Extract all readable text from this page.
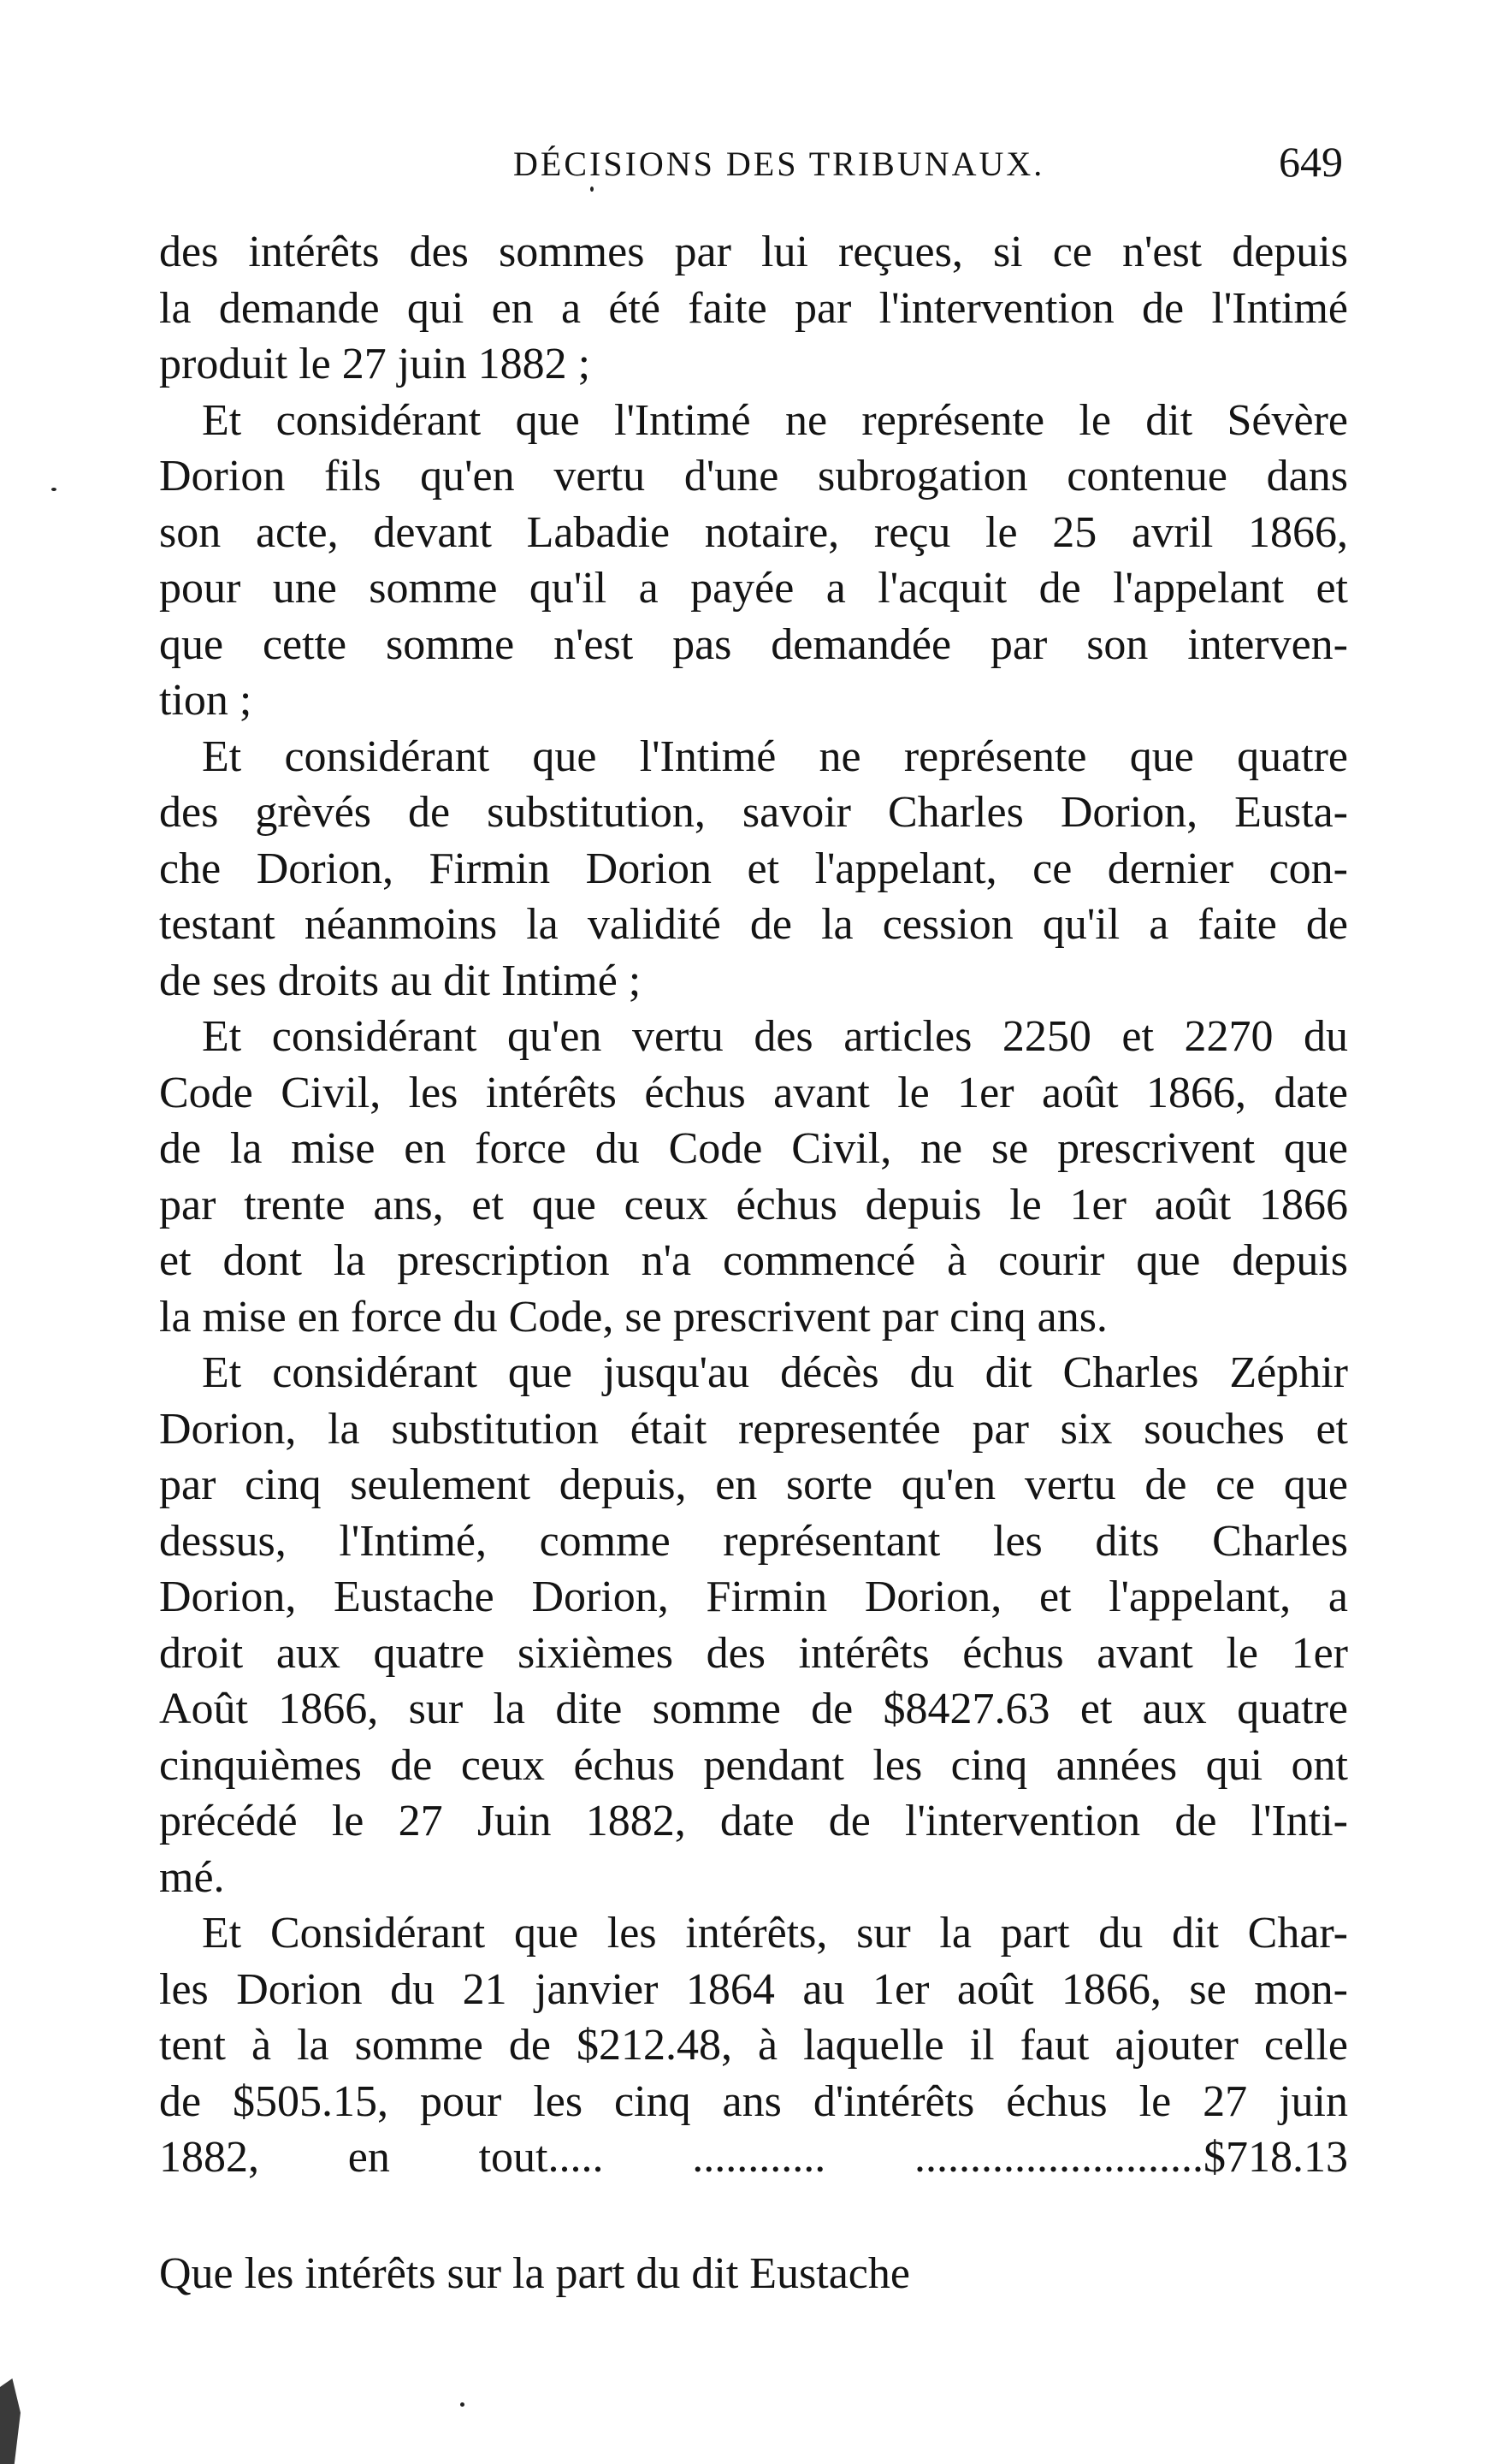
DÉCISIONS DES TRIBUNAUX.	649
des intérêts des sommes par lui reçues, si ce n'est depuis
la demande qui en a été faite par l'intervention de l'Intimé
produit le 27 juin 1882 ;
Et considérant que l'Intimé ne représente le dit Sévère
Dorion fils qu'en vertu d'une subrogation contenue dans
son acte, devant Labadie notaire, reçu le 25 avril 1866,
pour une somme qu'il a payée a l'acquit de l'appelant et
que cette somme n'est pas demandée par son interven-
tion ;
Et considérant que l'Intimé ne représente que quatre
des grèvés de substitution, savoir Charles Dorion, Eusta-
che Dorion, Firmin Dorion et l'appelant, ce dernier con-
testant néanmoins la validité de la cession qu'il a faite de
de ses droits au dit Intimé ;
Et considérant qu'en vertu des articles 2250 et 2270 du
Code Civil, les intérêts échus avant le 1er août 1866, date
de la mise en force du Code Civil, ne se prescrivent que
par trente ans, et que ceux échus depuis le 1er août 1866
et dont la prescription n'a commencé à courir que depuis
la mise en force du Code, se prescrivent par cinq ans.
Et considérant que jusqu'au décès du dit Charles Zéphir
Dorion, la substitution était representée par six souches et
par cinq seulement depuis, en sorte qu'en vertu de ce que
dessus, l'Intimé, comme représentant les dits Charles
Dorion, Eustache Dorion, Firmin Dorion, et l'appelant, a
droit aux quatre sixièmes des intérêts échus avant le 1er
Août 1866, sur la dite somme de $8427.63 et aux quatre
cinquièmes de ceux échus pendant les cinq années qui ont
précédé le 27 Juin 1882, date de l'intervention de l'Inti-
mé.
Et Considérant que les intérêts, sur la part du dit Char-
les Dorion du 21 janvier 1864 au 1er août 1866, se mon-
tent à la somme de $212.48, à laquelle il faut ajouter celle
de $505.15, pour les cinq ans d'intérêts échus le 27 juin
1882, en tout..... ............ ..........................$718.13
Que les intérêts sur la part du dit Eustache
